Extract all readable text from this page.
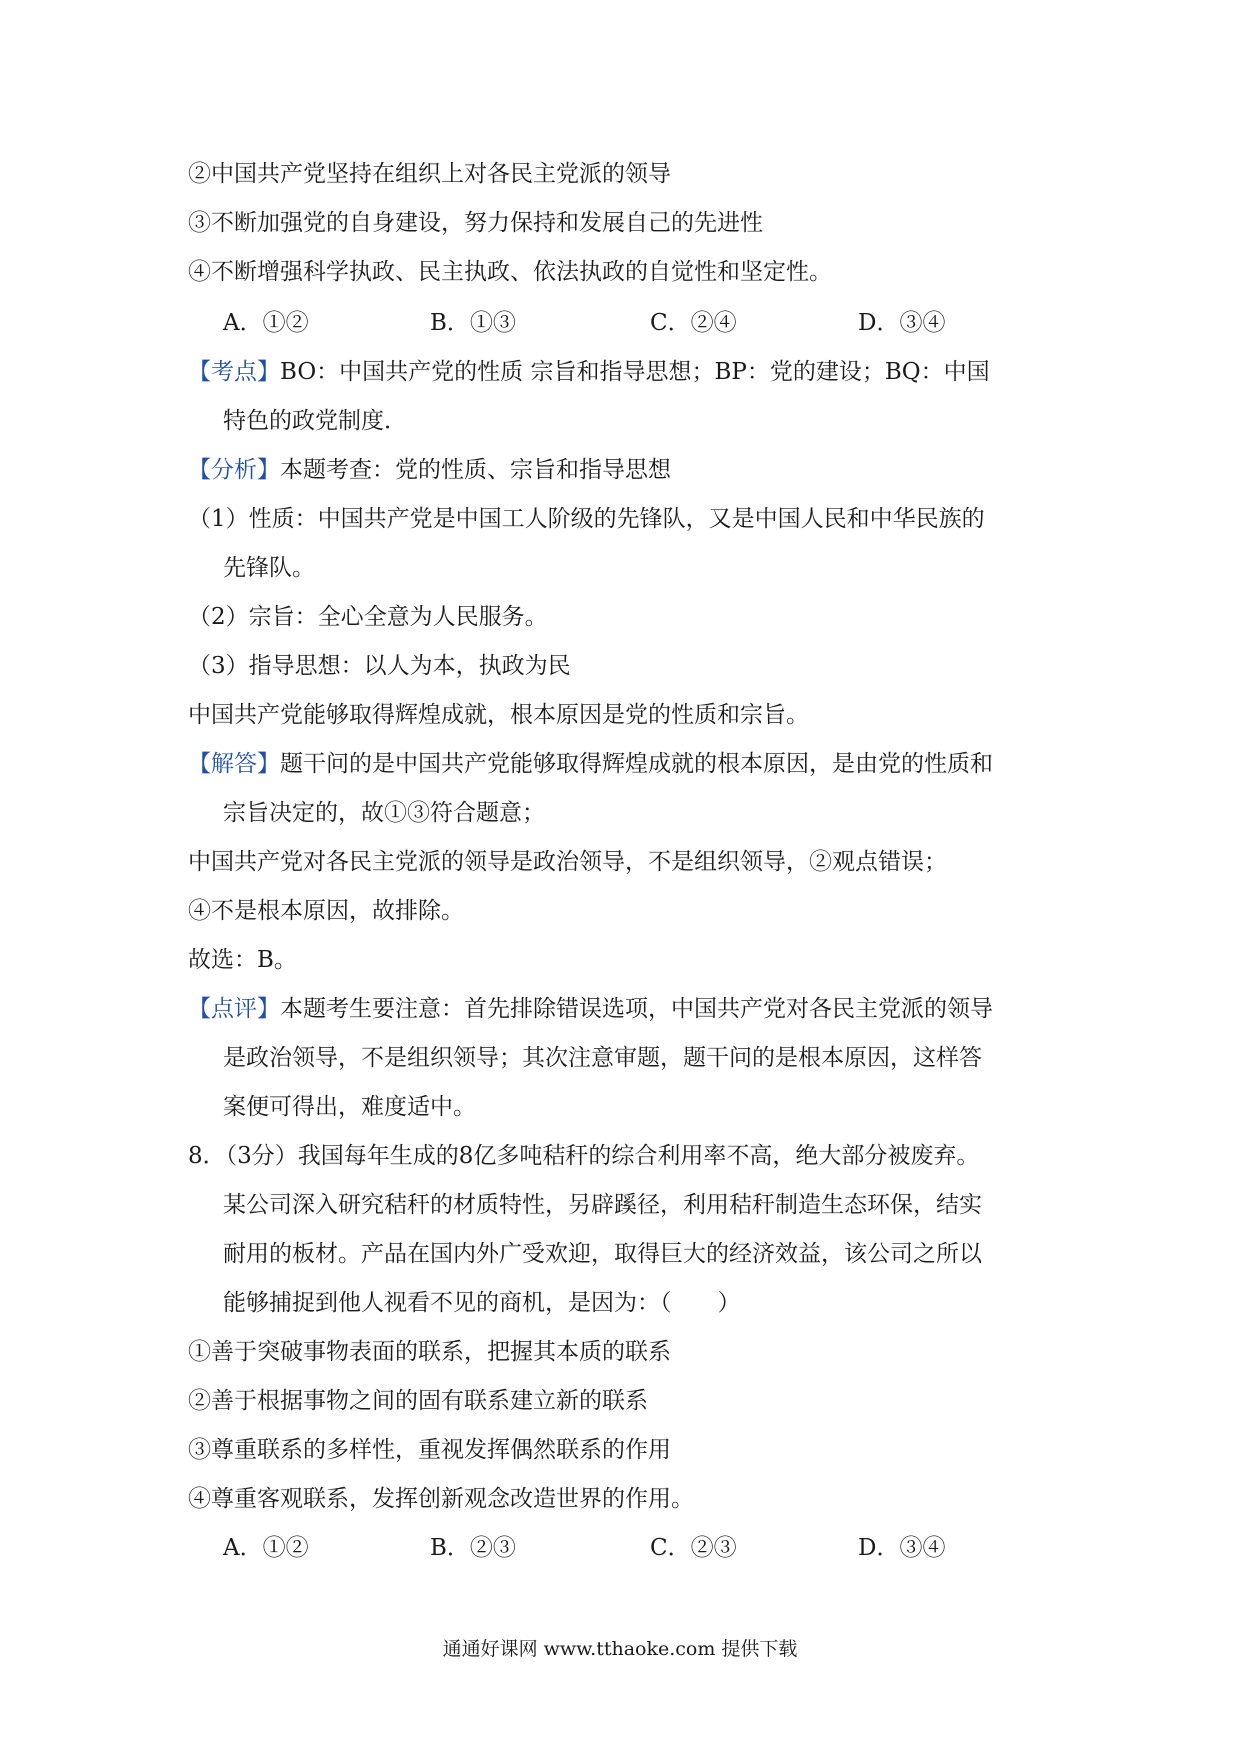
②中国共产党坚持在组织上对各民主党派的领导
③不断加强党的自身建设，努力保持和发展自己的先进性
④不断增强科学执政、民主执政、依法执政的自觉性和坚定性。
A．①②	B．①③	C．②④	D．③④
【考点】BO：中国共产党的性质 宗旨和指导思想；BP：党的建设；BQ：中国
特色的政党制度．
【分析】本题考查：党的性质、宗旨和指导思想
（1）性质：中国共产党是中国工人阶级的先锋队，又是中国人民和中华民族的
先锋队。
（2）宗旨：全心全意为人民服务。
（3）指导思想：以人为本，执政为民
中国共产党能够取得辉煌成就，根本原因是党的性质和宗旨。
【解答】题干问的是中国共产党能够取得辉煌成就的根本原因，是由党的性质和
宗旨决定的，故①③符合题意；
中国共产党对各民主党派的领导是政治领导，不是组织领导，②观点错误；
④不是根本原因，故排除。
故选：B。
【点评】本题考生要注意：首先排除错误选项，中国共产党对各民主党派的领导
是政治领导，不是组织领导；其次注意审题，题干问的是根本原因，这样答
案便可得出，难度适中。
8．（3分）我国每年生成的8亿多吨秸秆的综合利用率不高，绝大部分被废弃。
某公司深入研究秸秆的材质特性，另辟蹊径，利用秸秆制造生态环保，结实
耐用的板材。产品在国内外广受欢迎，取得巨大的经济效益，该公司之所以
能够捕捉到他人视看不见的商机，是因为：（　　）
①善于突破事物表面的联系，把握其本质的联系
②善于根据事物之间的固有联系建立新的联系
③尊重联系的多样性，重视发挥偶然联系的作用
④尊重客观联系，发挥创新观念改造世界的作用。
A．①②	B．②③	C．②③	D．③④
通通好课网 www.tthaoke.com 提供下载
